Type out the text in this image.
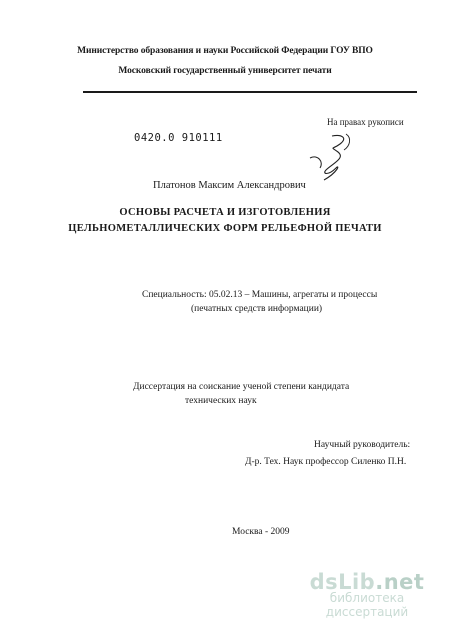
Министерство образования и науки Российской Федерации ГОУ ВПО
Московский государственный университет печати
На правах рукописи
0420.0 910111
Платонов Максим Александрович
ОСНОВЫ РАСЧЕТА И ИЗГОТОВЛЕНИЯ
ЦЕЛЬНОМЕТАЛЛИЧЕСКИХ ФОРМ РЕЛЬЕФНОЙ ПЕЧАТИ
Специальность: 05.02.13 – Машины, агрегаты и процессы
(печатных средств информации)
Диссертация на соискание ученой степени кандидата
технических наук
Научный руководитель:
Д-р. Тех. Наук профессор Силенко П.Н.
Москва - 2009
dsLib.net
библиотека диссертаций
